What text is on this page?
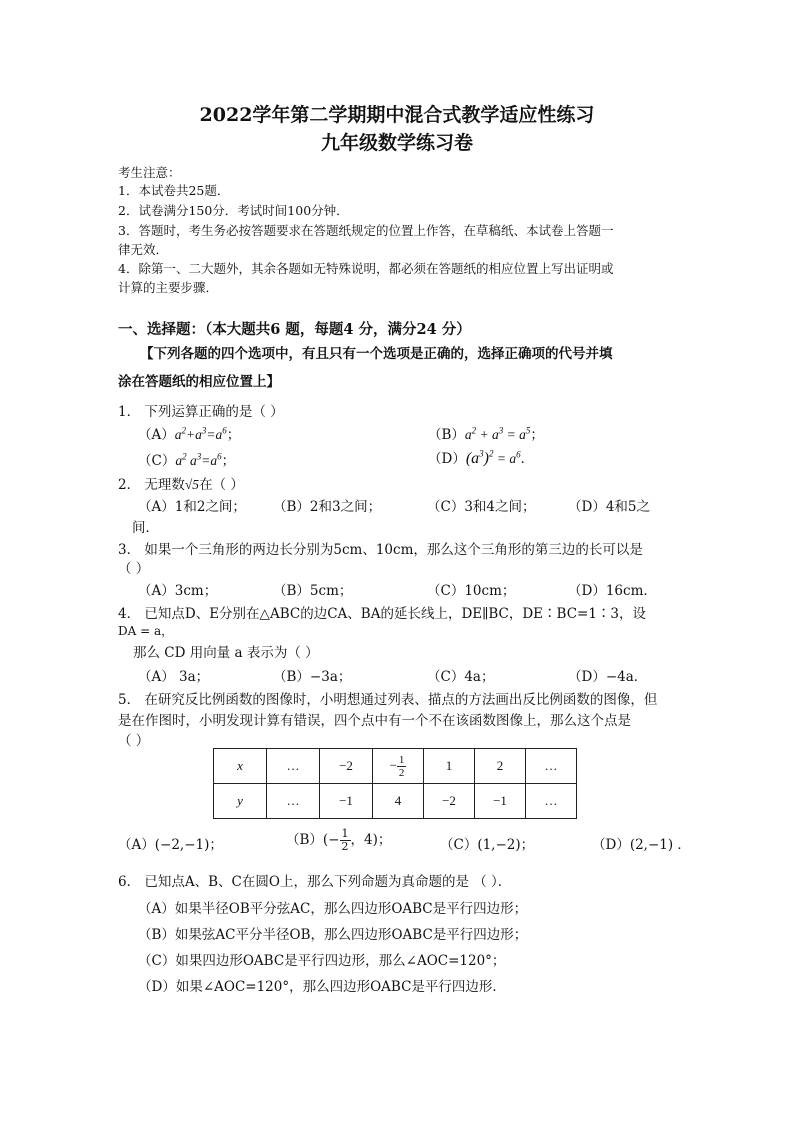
2022学年第二学期期中混合式教学适应性练习
九年级数学练习卷
考生注意：
1．本试卷共25题．
2．试卷满分150分．考试时间100分钟．
3．答题时，考生务必按答题要求在答题纸规定的位置上作答，在草稿纸、本试卷上答题一
律无效．
4．除第一、二大题外，其余各题如无特殊说明，都必须在答题纸的相应位置上写出证明或
计算的主要步骤．
一、选择题：（本大题共6 题，每题4 分，满分24 分）
【下列各题的四个选项中，有且只有一个选项是正确的，选择正确项的代号并填
涂在答题纸的相应位置上】
1． 下列运算正确的是（ ）
$(A)a^2+a^3=a^6$；	$(B)a^2 + a^3 = a^5$；
$(C)a^2$ $a^3=a^6$；	$(D)(a^3)^2 = a^6$．
2． 无理数√5在（ ）
（A）1和2之间； （B）2和3之间；	（C）3和4之间； （D）4和5之
间．
3． 如果一个三角形的两边长分别为5cm、10cm，那么这个三角形的第三边的长可以是
（ ）
（A）3cm；	（B）5cm；	（C）10cm；	（D）16cm．
4． 已知点D、E分别在△ABC的边CA、BA的延长线上，DE∥BC，DE∶BC=1∶3，设
DA = a，
那么 CD 用向量 a 表示为（ ）
（A） 3a；	（B）−3a；	（C）4a；	（D）−4a．
5． 在研究反比例函数的图像时，小明想通过列表、描点的方法画出反比例函数的图像，但
是在作图时，小明发现计算有错误，四个点中有一个不在该函数图像上，那么这个点是
（ ）
x	…	−2	− $\frac{1}{2}$	1	2	…
y	…	−1	4	−2	−1	…
（A）(−2,−1)；	$(B)(- \frac{1}{2}$ ，4)；	（C）(1,−2)；	（D）(2,−1) ．
6． 已知点A、B、C在圆O上，那么下列命题为真命题的是 （ ）．
（A）如果半径OB平分弦AC，那么四边形OABC是平行四边形；
（B）如果弦AC平分半径OB，那么四边形OABC是平行四边形；
（C）如果四边形OABC是平行四边形，那么∠AOC=120°；
（D）如果∠AOC=120°，那么四边形OABC是平行四边形．
